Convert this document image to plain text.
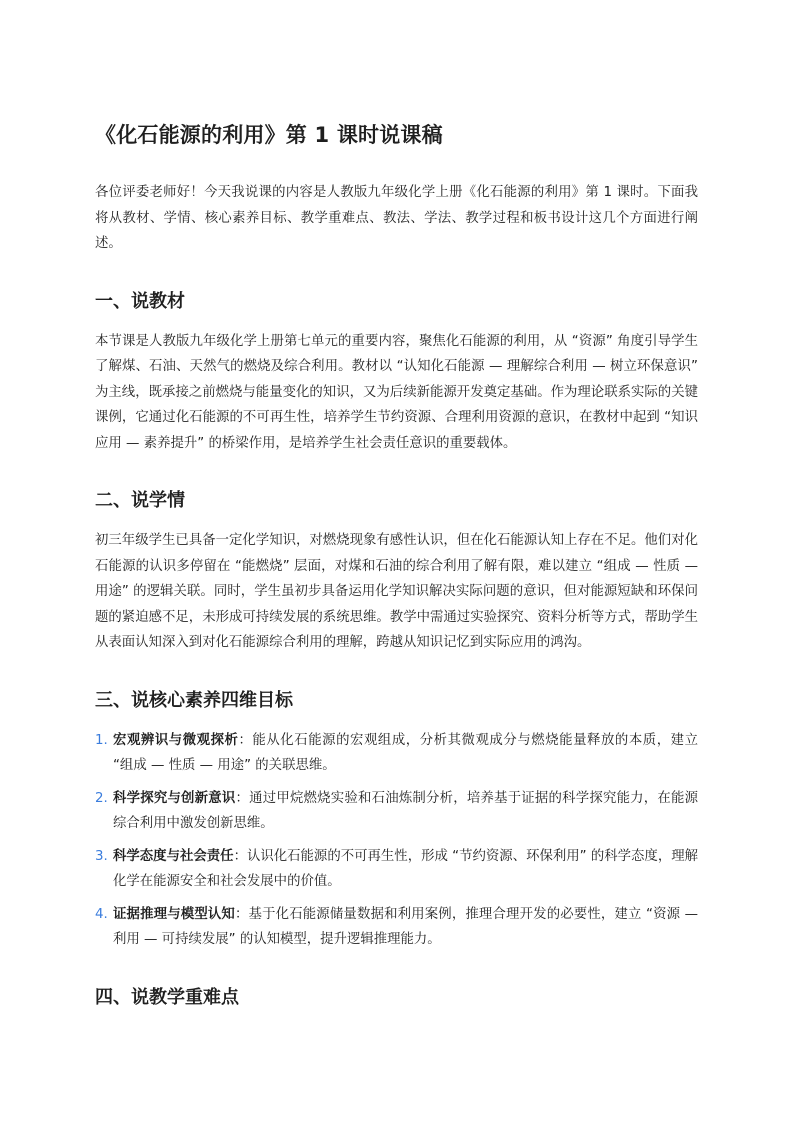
《化石能源的利用》第 1 课时说课稿

各位评委老师好！今天我说课的内容是人教版九年级化学上册《化石能源的利用》第 1 课时。下面我将从教材、学情、核心素养目标、教学重难点、教法、学法、教学过程和板书设计这几个方面进行阐述。

一、说教材

本节课是人教版九年级化学上册第七单元的重要内容，聚焦化石能源的利用，从 “资源” 角度引导学生了解煤、石油、天然气的燃烧及综合利用。教材以 “认知化石能源 — 理解综合利用 — 树立环保意识” 为主线，既承接之前燃烧与能量变化的知识，又为后续新能源开发奠定基础。作为理论联系实际的关键课例，它通过化石能源的不可再生性，培养学生节约资源、合理利用资源的意识，在教材中起到 “知识应用 — 素养提升” 的桥梁作用，是培养学生社会责任意识的重要载体。

二、说学情

初三年级学生已具备一定化学知识，对燃烧现象有感性认识，但在化石能源认知上存在不足。他们对化石能源的认识多停留在 “能燃烧” 层面，对煤和石油的综合利用了解有限，难以建立 “组成 — 性质 — 用途” 的逻辑关联。同时，学生虽初步具备运用化学知识解决实际问题的意识，但对能源短缺和环保问题的紧迫感不足，未形成可持续发展的系统思维。教学中需通过实验探究、资料分析等方式，帮助学生从表面认知深入到对化石能源综合利用的理解，跨越从知识记忆到实际应用的鸿沟。

三、说核心素养四维目标
1. 宏观辨识与微观探析：能从化石能源的宏观组成，分析其微观成分与燃烧能量释放的本质，建立 “组成 — 性质 — 用途” 的关联思维。
2. 科学探究与创新意识：通过甲烷燃烧实验和石油炼制分析，培养基于证据的科学探究能力，在能源综合利用中激发创新思维。
3. 科学态度与社会责任：认识化石能源的不可再生性，形成 “节约资源、环保利用” 的科学态度，理解化学在能源安全和社会发展中的价值。
4. 证据推理与模型认知：基于化石能源储量数据和利用案例，推理合理开发的必要性，建立 “资源 — 利用 — 可持续发展” 的认知模型，提升逻辑推理能力。
四、说教学重难点
